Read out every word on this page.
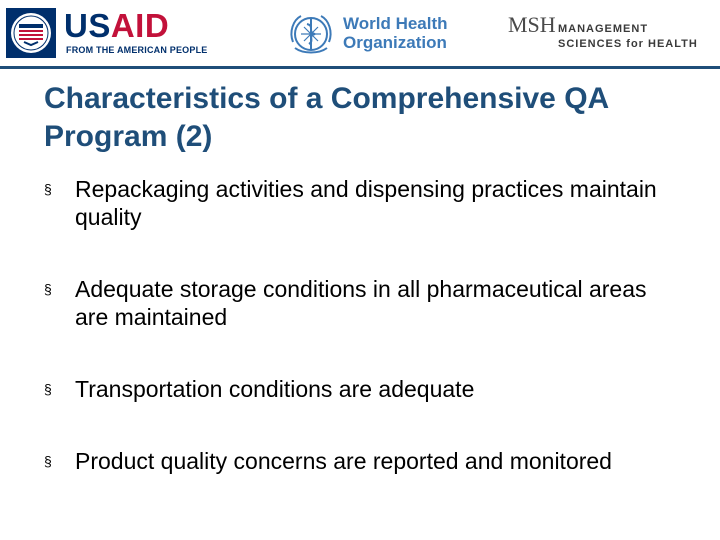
USAID
FROM THE AMERICAN PEOPLE
World Health
Organization
MSH MANAGEMENT
SCIENCES for HEALTH
Characteristics of a Comprehensive QA Program (2)
§ Repackaging activities and dispensing practices maintain quality
§ Adequate storage conditions in all pharmaceutical areas are maintained
§ Transportation conditions are adequate
§ Product quality concerns are reported and monitored
